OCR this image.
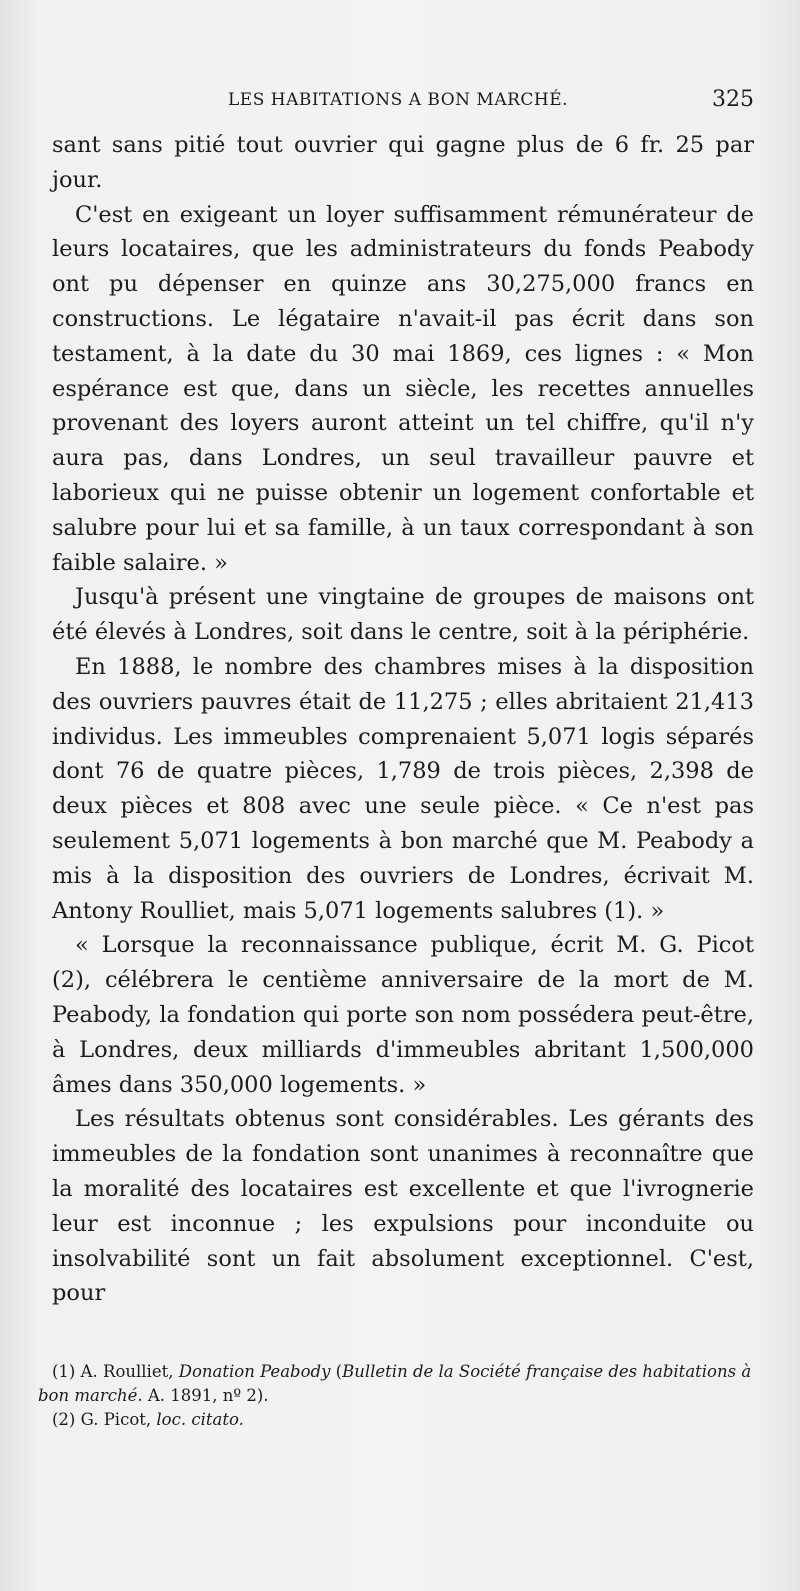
LES HABITATIONS A BON MARCHÉ.	325

sant sans pitié tout ouvrier qui gagne plus de 6 fr. 25 par jour.

C'est en exigeant un loyer suffisamment rémunérateur de leurs locataires, que les administrateurs du fonds Peabody ont pu dépenser en quinze ans 30,275,000 francs en constructions. Le légataire n'avait-il pas écrit dans son testament, à la date du 30 mai 1869, ces lignes : « Mon espérance est que, dans un siècle, les recettes annuelles provenant des loyers auront atteint un tel chiffre, qu'il n'y aura pas, dans Londres, un seul travailleur pauvre et laborieux qui ne puisse obtenir un logement confortable et salubre pour lui et sa famille, à un taux correspondant à son faible salaire. »

Jusqu'à présent une vingtaine de groupes de maisons ont été élevés à Londres, soit dans le centre, soit à la périphérie.

En 1888, le nombre des chambres mises à la disposition des ouvriers pauvres était de 11,275 ; elles abritaient 21,413 individus. Les immeubles comprenaient 5,071 logis séparés dont 76 de quatre pièces, 1,789 de trois pièces, 2,398 de deux pièces et 808 avec une seule pièce. « Ce n'est pas seulement 5,071 logements à bon marché que M. Peabody a mis à la disposition des ouvriers de Londres, écrivait M. Antony Roulliet, mais 5,071 logements salubres (1). »

« Lorsque la reconnaissance publique, écrit M. G. Picot (2), célébrera le centième anniversaire de la mort de M. Peabody, la fondation qui porte son nom possédera peut-être, à Londres, deux milliards d'immeubles abritant 1,500,000 âmes dans 350,000 logements. »

Les résultats obtenus sont considérables. Les gérants des immeubles de la fondation sont unanimes à reconnaître que la moralité des locataires est excellente et que l'ivrognerie leur est inconnue ; les expulsions pour inconduite ou insolvabilité sont un fait absolument exceptionnel. C'est, pour

(1) A. Roulliet, Donation Peabody (Bulletin de la Société française des habitations à bon marché. A. 1891, nº 2).

(2) G. Picot, loc. citato.
